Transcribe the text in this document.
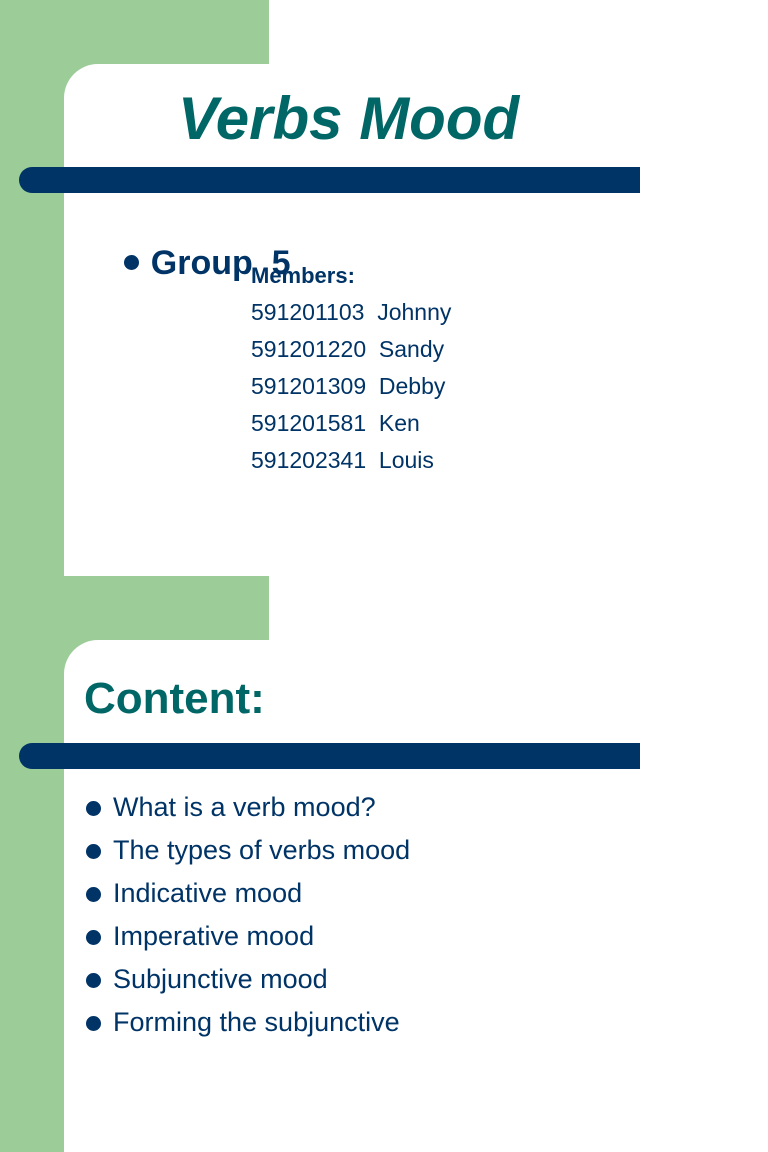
Verbs Mood

Group  5

Members:
591201103  Johnny
591201220  Sandy
591201309  Debby
591201581  Ken
591202341  Louis
Content:
What is a verb mood?
The types of verbs mood
Indicative mood
Imperative mood
Subjunctive mood
Forming the subjunctive
